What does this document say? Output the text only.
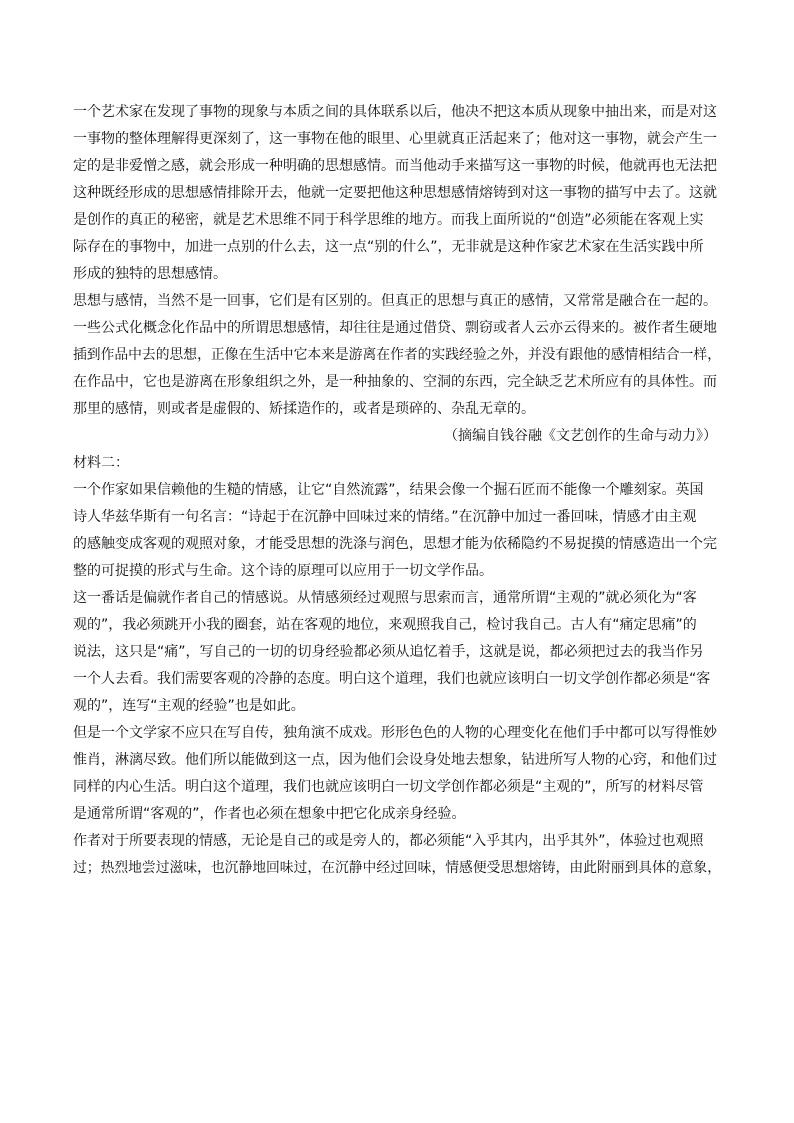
一个艺术家在发现了事物的现象与本质之间的具体联系以后，他决不把这本质从现象中抽出来，而是对这

一事物的整体理解得更深刻了，这一事物在他的眼里、心里就真正活起来了；他对这一事物，就会产生一

定的是非爱憎之感，就会形成一种明确的思想感情。而当他动手来描写这一事物的时候，他就再也无法把

这种既经形成的思想感情排除开去，他就一定要把他这种思想感情熔铸到对这一事物的描写中去了。这就

是创作的真正的秘密，就是艺术思维不同于科学思维的地方。而我上面所说的“创造”必须能在客观上实

际存在的事物中，加进一点别的什么去，这一点“别的什么”，无非就是这种作家艺术家在生活实践中所

形成的独特的思想感情。

思想与感情，当然不是一回事，它们是有区别的。但真正的思想与真正的感情，又常常是融合在一起的。

一些公式化概念化作品中的所谓思想感情，却往往是通过借贷、剽窃或者人云亦云得来的。被作者生硬地

插到作品中去的思想，正像在生活中它本来是游离在作者的实践经验之外，并没有跟他的感情相结合一样，

在作品中，它也是游离在形象组织之外，是一种抽象的、空洞的东西，完全缺乏艺术所应有的具体性。而

那里的感情，则或者是虚假的、矫揉造作的，或者是琐碎的、杂乱无章的。

（摘编自钱谷融《文艺创作的生命与动力》）

材料二：

一个作家如果信赖他的生糙的情感，让它“自然流露”，结果会像一个掘石匠而不能像一个雕刻家。英国

诗人华兹华斯有一句名言：“诗起于在沉静中回味过来的情绪。”在沉静中加过一番回味，情感才由主观

的感触变成客观的观照对象，才能受思想的洗涤与润色，思想才能为依稀隐约不易捉摸的情感造出一个完

整的可捉摸的形式与生命。这个诗的原理可以应用于一切文学作品。

这一番话是偏就作者自己的情感说。从情感须经过观照与思索而言，通常所谓“主观的”就必须化为“客

观的”，我必须跳开小我的圈套，站在客观的地位，来观照我自己，检讨我自己。古人有“痛定思痛”的

说法，这只是“痛”，写自己的一切的切身经验都必须从追忆着手，这就是说，都必须把过去的我当作另

一个人去看。我们需要客观的冷静的态度。明白这个道理，我们也就应该明白一切文学创作都必须是“客

观的”，连写“主观的经验”也是如此。

但是一个文学家不应只在写自传，独角演不成戏。形形色色的人物的心理变化在他们手中都可以写得惟妙

惟肖，淋漓尽致。他们所以能做到这一点，因为他们会设身处地去想象，钻进所写人物的心窍，和他们过

同样的内心生活。明白这个道理，我们也就应该明白一切文学创作都必须是“主观的”，所写的材料尽管

是通常所谓“客观的”，作者也必须在想象中把它化成亲身经验。

作者对于所要表现的情感，无论是自己的或是旁人的，都必须能“入乎其内，出乎其外”，体验过也观照

过；热烈地尝过滋味，也沉静地回味过，在沉静中经过回味，情感便受思想熔铸，由此附丽到具体的意象，
